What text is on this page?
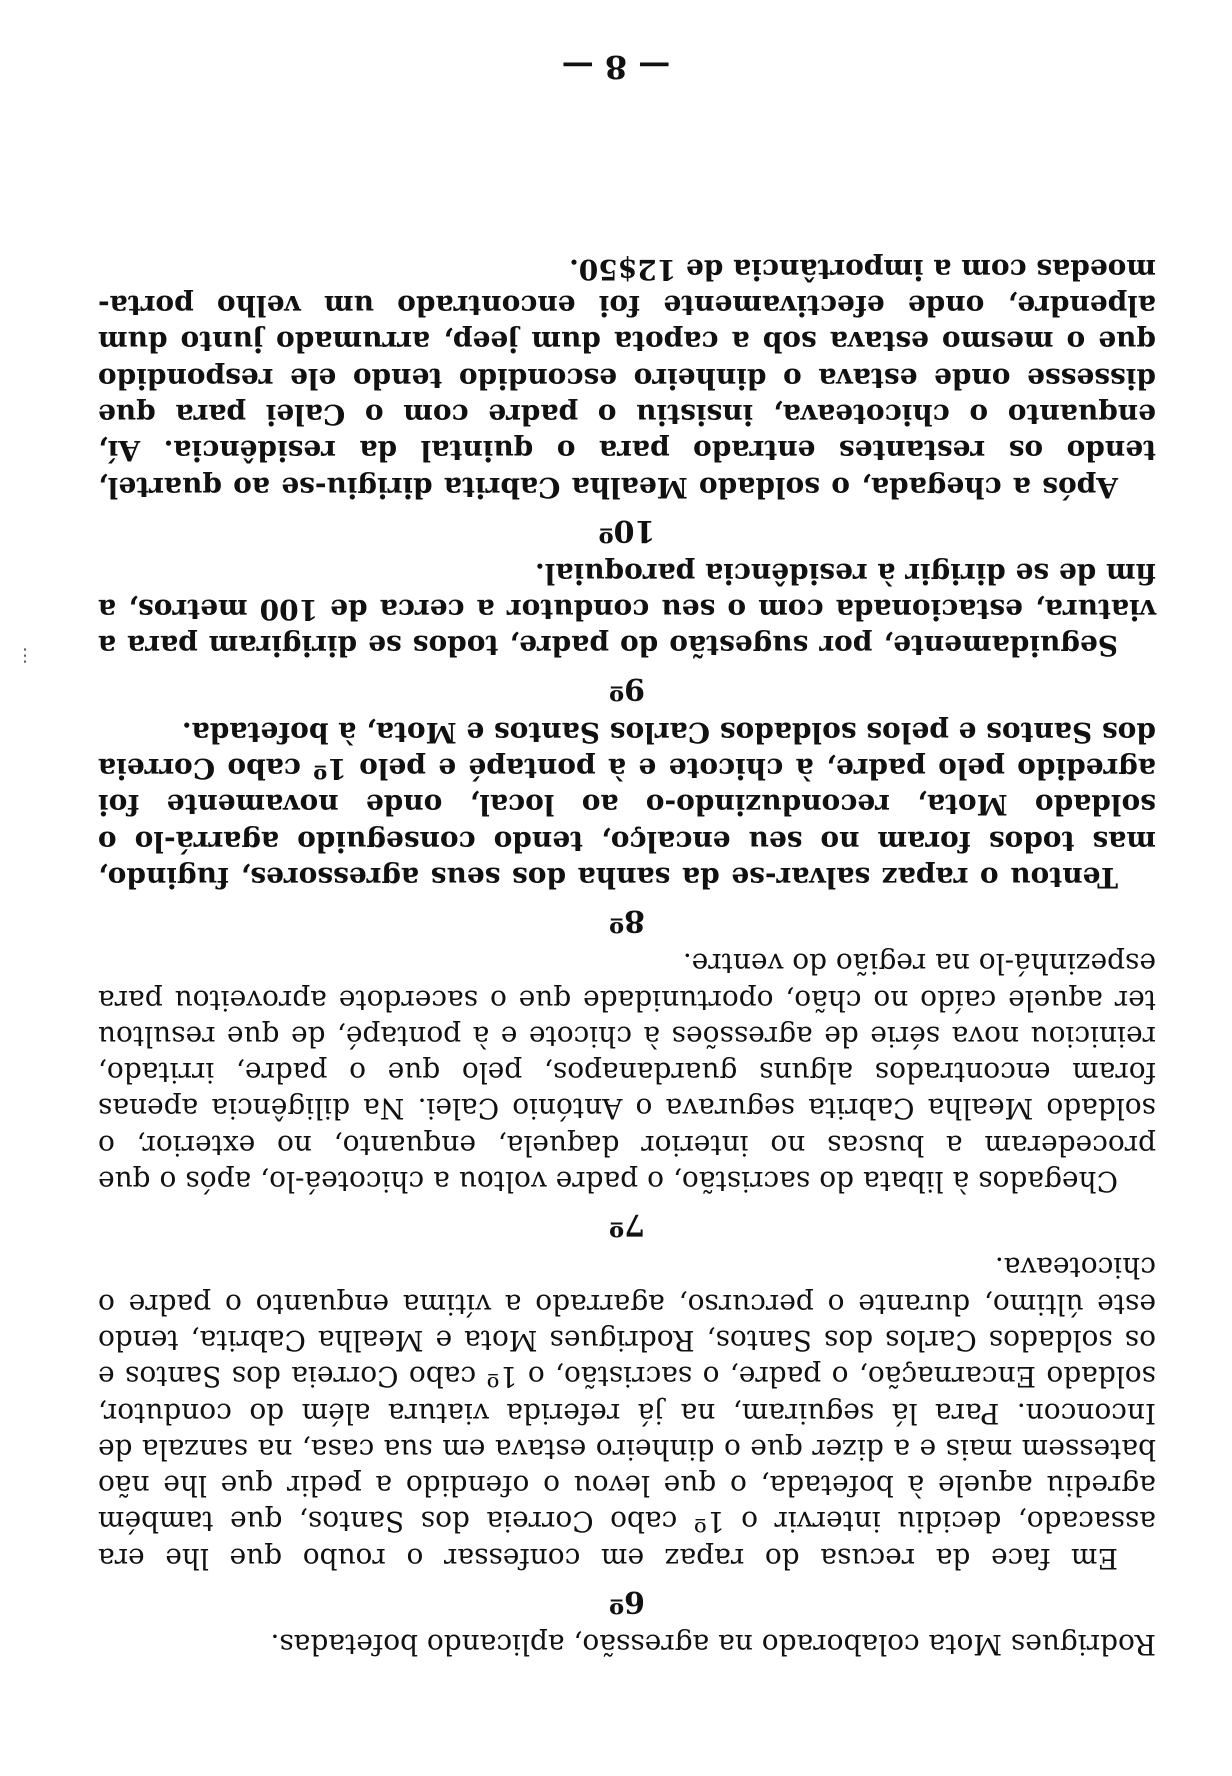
Rodrigues Mota colaborado na agressão, aplicando bofetadas.

6º

Em face da recusa do rapaz em confessar o roubo que lhe era assacado, decidiu intervir o 1º cabo Correia dos Santos, que também agrediu aquele à bofetada, o que levou o ofendido a pedir que lhe não batessem mais e a dizer que o dinheiro estava em sua casa, na sanzala de Inconcon. Para lá seguiram, na já referida viatura além do condutor, soldado Encarnação, o padre, o sacristão, o 1º cabo Correia dos Santos e os soldados Carlos dos Santos, Rodrigues Mota e Mealha Cabrita, tendo este último, durante o percurso, agarrado a vítima enquanto o padre o chicoteava.

7º

Chegados à libata do sacristão, o padre voltou a chicoteá-lo, após o que procederam a buscas no interior daquela, enquanto, no exterior, o soldado Mealha Cabrita segurava o António Calei. Na diligência apenas foram encontrados alguns guardanapos, pelo que o padre, irritado, reiniciou nova série de agressões à chicote e à pontapé, de que resultou ter aquele caído no chão, oportunidade que o sacerdote aproveitou para espezinhá-lo na região do ventre.

8º

Tentou o rapaz salvar-se da sanha dos seus agressores, fugindo, mas todos foram no seu encalço, tendo conseguido agarrá-lo o soldado Mota, reconduzindo-o ao local, onde novamente foi agredido pelo padre, à chicote e à pontapé e pelo 1º cabo Correia dos Santos e pelos soldados Carlos Santos e Mota, à bofetada.

9º

Seguidamente, por sugestão do padre, todos se dirigiram para a viatura, estacionada com o seu condutor a cerca de 100 metros, a fim de se dirigir à residência paroquial.

10º

Após a chegada, o soldado Mealha Cabrita dirigiu-se ao quartel, tendo os restantes entrado para o quintal da residência. Aí, enquanto o chicoteava, insistiu o padre com o Calei para que dissesse onde estava o dinheiro escondido tendo ele respondido que o mesmo estava sob a capota dum jeep, arrumado junto dum alpendre, onde efectivamente foi encontrado um velho porta-moedas com a importância de 12$50.

— 8 —
⋮
